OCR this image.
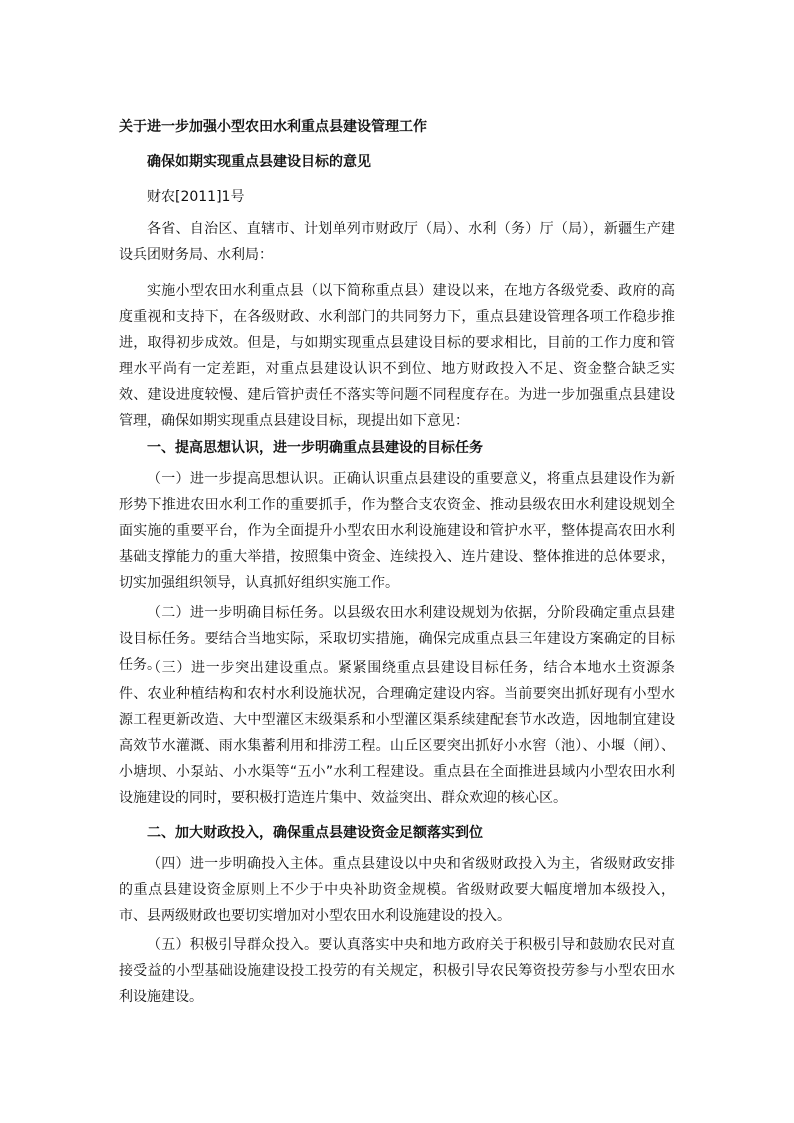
关于进一步加强小型农田水利重点县建设管理工作
确保如期实现重点县建设目标的意见
财农[2011]1号

各省、自治区、直辖市、计划单列市财政厅（局）、水利（务）厅（局），新疆生产建设兵团财务局、水利局：

实施小型农田水利重点县（以下简称重点县）建设以来，在地方各级党委、政府的高度重视和支持下，在各级财政、水利部门的共同努力下，重点县建设管理各项工作稳步推进，取得初步成效。但是，与如期实现重点县建设目标的要求相比，目前的工作力度和管理水平尚有一定差距，对重点县建设认识不到位、地方财政投入不足、资金整合缺乏实效、建设进度较慢、建后管护责任不落实等问题不同程度存在。为进一步加强重点县建设管理，确保如期实现重点县建设目标，现提出如下意见：

一、提高思想认识，进一步明确重点县建设的目标任务

（一）进一步提高思想认识。正确认识重点县建设的重要意义，将重点县建设作为新形势下推进农田水利工作的重要抓手，作为整合支农资金、推动县级农田水利建设规划全面实施的重要平台，作为全面提升小型农田水利设施建设和管护水平，整体提高农田水利基础支撑能力的重大举措，按照集中资金、连续投入、连片建设、整体推进的总体要求，切实加强组织领导，认真抓好组织实施工作。

（二）进一步明确目标任务。以县级农田水利建设规划为依据，分阶段确定重点县建设目标任务。要结合当地实际，采取切实措施，确保完成重点县三年建设方案确定的目标任务。

（三）进一步突出建设重点。紧紧围绕重点县建设目标任务，结合本地水土资源条件、农业种植结构和农村水利设施状况，合理确定建设内容。当前要突出抓好现有小型水源工程更新改造、大中型灌区末级渠系和小型灌区渠系续建配套节水改造，因地制宜建设高效节水灌溉、雨水集蓄利用和排涝工程。山丘区要突出抓好小水窖（池）、小堰（闸）、小塘坝、小泵站、小水渠等“五小”水利工程建设。重点县在全面推进县域内小型农田水利设施建设的同时，要积极打造连片集中、效益突出、群众欢迎的核心区。

二、加大财政投入，确保重点县建设资金足额落实到位

（四）进一步明确投入主体。重点县建设以中央和省级财政投入为主，省级财政安排的重点县建设资金原则上不少于中央补助资金规模。省级财政要大幅度增加本级投入，市、县两级财政也要切实增加对小型农田水利设施建设的投入。

（五）积极引导群众投入。要认真落实中央和地方政府关于积极引导和鼓励农民对直接受益的小型基础设施建设投工投劳的有关规定，积极引导农民筹资投劳参与小型农田水利设施建设。
